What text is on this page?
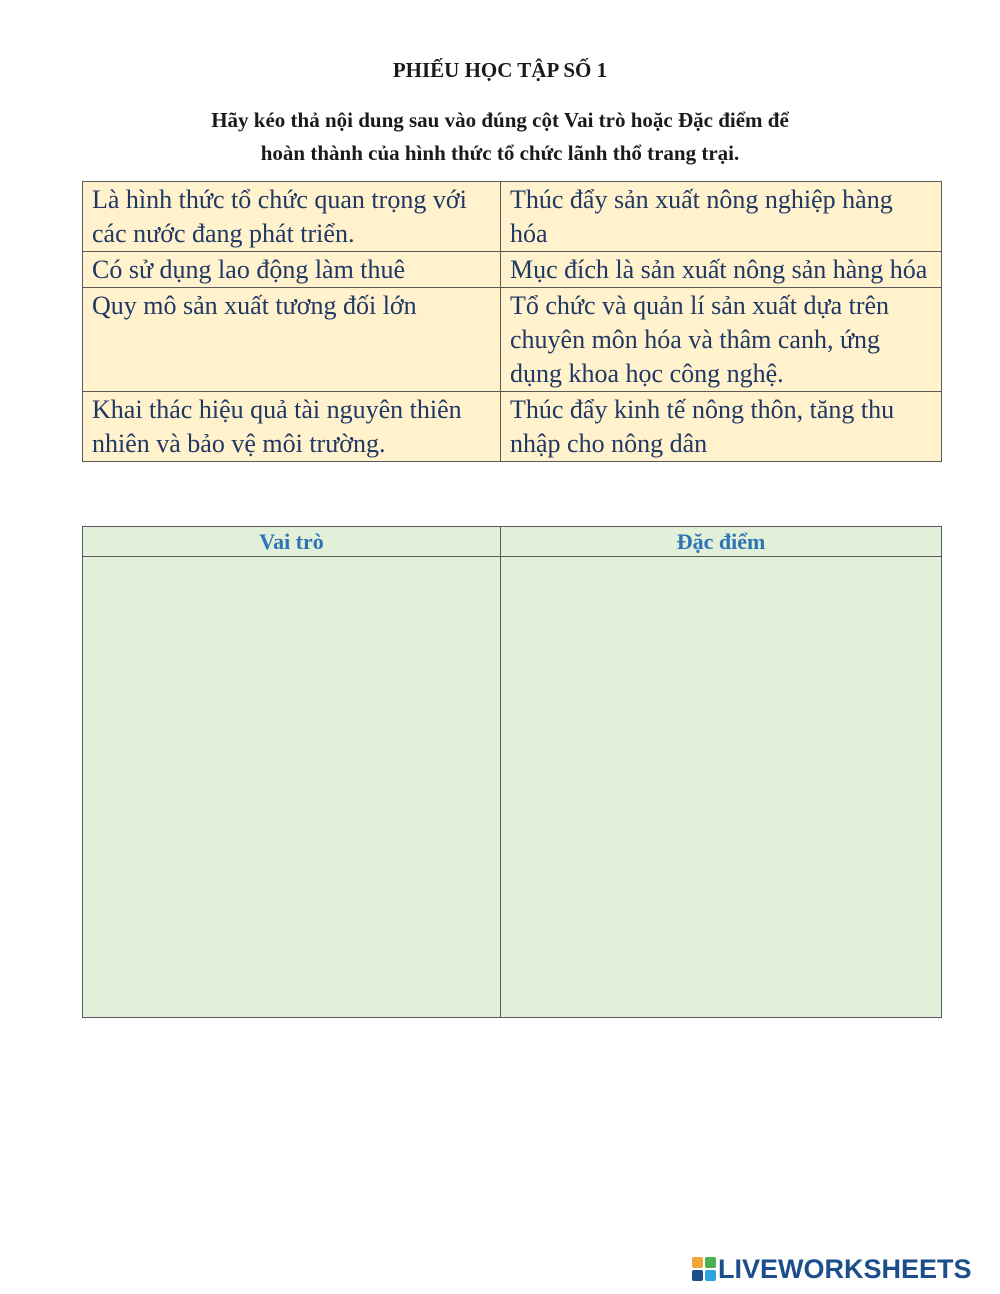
PHIẾU HỌC TẬP SỐ 1
Hãy kéo thả nội dung sau vào đúng cột Vai trò hoặc Đặc điểm để
hoàn thành của hình thức tổ chức lãnh thổ trang trại.
Là hình thức tổ chức quan trọng với các nước đang phát triển.	Thúc đẩy sản xuất nông nghiệp hàng hóa
Có sử dụng lao động làm thuê	Mục đích là sản xuất nông sản hàng hóa
Quy mô sản xuất tương đối lớn	Tổ chức và quản lí sản xuất dựa trên chuyên môn hóa và thâm canh, ứng dụng khoa học công nghệ.
Khai thác hiệu quả tài nguyên thiên nhiên và bảo vệ môi trường.	Thúc đẩy kinh tế nông thôn, tăng thu nhập cho nông dân
Vai trò	Đặc điểm

LIVEWORKSHEETS
